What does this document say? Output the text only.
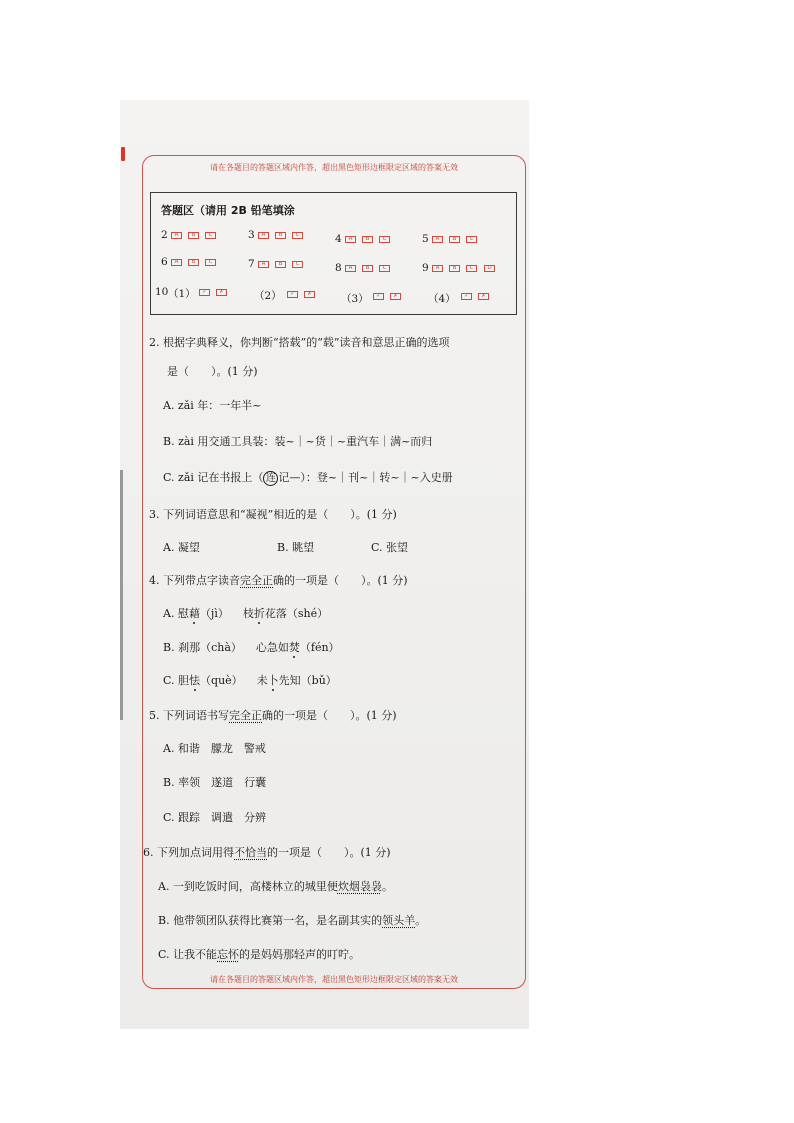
请在各题目的答题区域内作答，超出黑色矩形边框限定区域的答案无效
请在各题目的答题区域内作答，超出黑色矩形边框限定区域的答案无效
答题区（请用 2B 铅笔填涂
2	A	B	C	3	A	B	C	4	A	B	C	5	A	B	C
6	A	B	C	7	A	B	C	8	A	B	C	9	A	B	C	D
10 （1）	✓	✗	（2）	✓	✗	（3）	✓	✗	（4）	✓	✗
2. 根据字典释义，你判断“搭载”的“载”读音和意思正确的选项
是（　　）。(1 分)
A. zǎi 年：一年半~
B. zài 用交通工具装：装~｜~货｜~重汽车｜满~而归
C. zǎi 记在书报上（ 连 记—）：登~｜刊~｜转~｜~入史册
3. 下列词语意思和“凝视”相近的是（　　）。(1 分)
A. 凝望	B. 眺望	C. 张望
4. 下列带点字读音完全正确的一项是（　　）。(1 分)
A. 慰藉（jì） 枝折花落（shé）
B. 刹那（chà） 心急如焚（fén）
C. 胆怯（què） 未卜先知（bǔ）
5. 下列词语书写完全正确的一项是（　　）。(1 分)
A. 和谐　朦龙　警戒
B. 率领　遂道　行囊
C. 跟踪　调遣　分辨
6. 下列加点词用得不恰当的一项是（　　）。(1 分)
A. 一到吃饭时间，高楼林立的城里便炊烟袅袅。
B. 他带领团队获得比赛第一名，是名副其实的领头羊。
C. 让我不能忘怀的是妈妈那轻声的叮咛。
